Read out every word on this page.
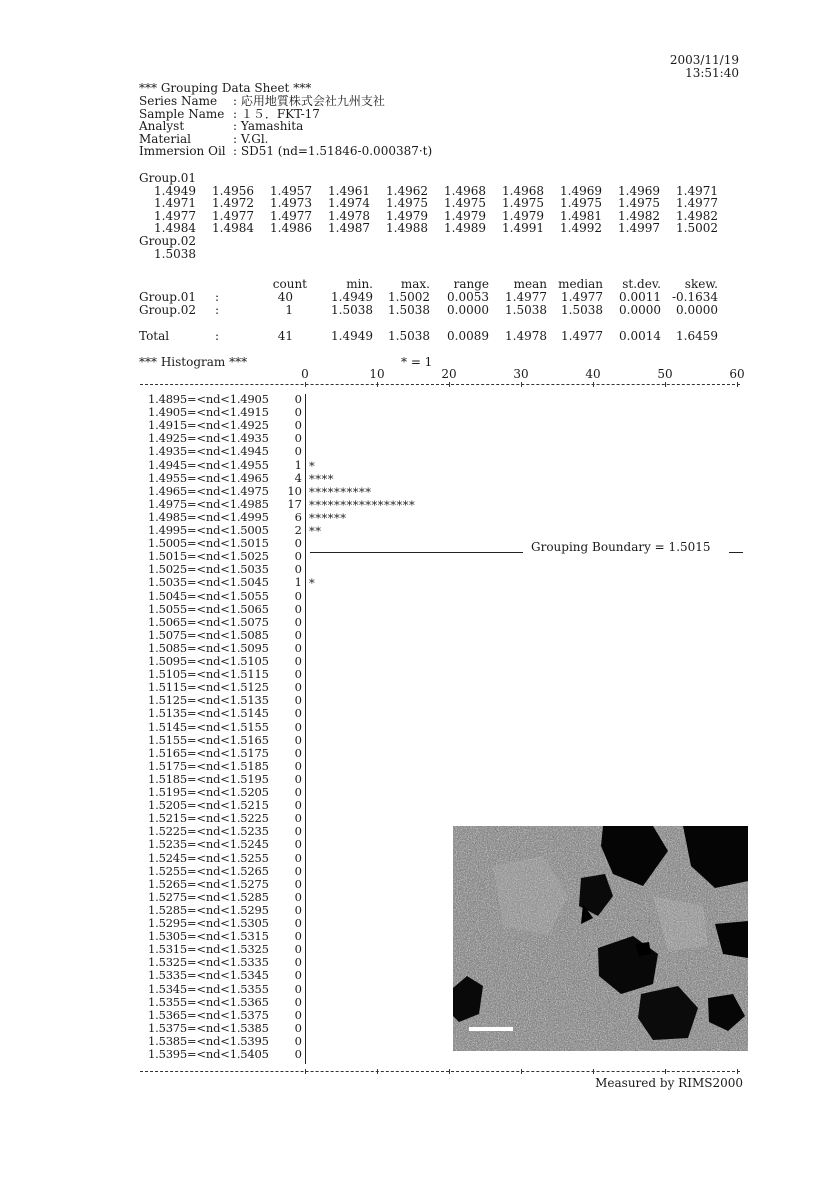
2003/11/19
13:51:40
*** Grouping Data Sheet ***
Series Name : 応用地質株式会社九州支社
Sample Name : １５．FKT-17
Analyst	: Yamashita
Material	: V.Gl.
Immersion Oil : SD51 (nd=1.51846-0.000387·t)
Group.01
1.4949	1.4956	1.4957	1.4961	1.4962	1.4968	1.4968	1.4969	1.4969	1.4971
1.4971	1.4972	1.4973	1.4974	1.4975	1.4975	1.4975	1.4975	1.4975	1.4977
1.4977	1.4977	1.4977	1.4978	1.4979	1.4979	1.4979	1.4981	1.4982	1.4982
1.4984	1.4984	1.4986	1.4987	1.4988	1.4989	1.4991	1.4992	1.4997	1.5002
Group.02
1.5038
count	min.	max.	range	mean median	st.dev.	skew.
Group.01 :	40	1.4949	1.5002	0.0053	1.4977	1.4977	0.0011 -0.1634
Group.02 :	1	1.5038	1.5038	0.0000	1.5038	1.5038	0.0000	0.0000
Total	:	41	1.4949	1.5038	0.0089	1.4978	1.4977	0.0014	1.6459
*** Histogram ***	* = 1
0	10	20	30	40	50	60
1.4895=<nd<1.4905	0
1.4905=<nd<1.4915	0
1.4915=<nd<1.4925	0
1.4925=<nd<1.4935	0
1.4935=<nd<1.4945	0
1.4945=<nd<1.4955	1 *
1.4955=<nd<1.4965	4 ****
1.4965=<nd<1.4975	10 **********
1.4975=<nd<1.4985	17 *****************
1.4985=<nd<1.4995	6 ******
1.4995=<nd<1.5005	2 **
1.5005=<nd<1.5015	0
1.5015=<nd<1.5025	0
1.5025=<nd<1.5035	0
1.5035=<nd<1.5045	1 *
1.5045=<nd<1.5055	0
1.5055=<nd<1.5065	0
1.5065=<nd<1.5075	0
1.5075=<nd<1.5085	0
1.5085=<nd<1.5095	0
1.5095=<nd<1.5105	0
1.5105=<nd<1.5115	0
1.5115=<nd<1.5125	0
1.5125=<nd<1.5135	0
1.5135=<nd<1.5145	0
1.5145=<nd<1.5155	0
1.5155=<nd<1.5165	0
1.5165=<nd<1.5175	0
1.5175=<nd<1.5185	0
1.5185=<nd<1.5195	0
1.5195=<nd<1.5205	0
1.5205=<nd<1.5215	0
1.5215=<nd<1.5225	0
1.5225=<nd<1.5235	0
1.5235=<nd<1.5245	0
1.5245=<nd<1.5255	0
1.5255=<nd<1.5265	0
1.5265=<nd<1.5275	0
1.5275=<nd<1.5285	0
1.5285=<nd<1.5295	0
1.5295=<nd<1.5305	0
1.5305=<nd<1.5315	0
1.5315=<nd<1.5325	0
1.5325=<nd<1.5335	0
1.5335=<nd<1.5345	0
1.5345=<nd<1.5355	0
1.5355=<nd<1.5365	0
1.5365=<nd<1.5375	0
1.5375=<nd<1.5385	0
1.5385=<nd<1.5395	0
1.5395=<nd<1.5405	0
Grouping Boundary = 1.5015
Measured by RIMS2000
